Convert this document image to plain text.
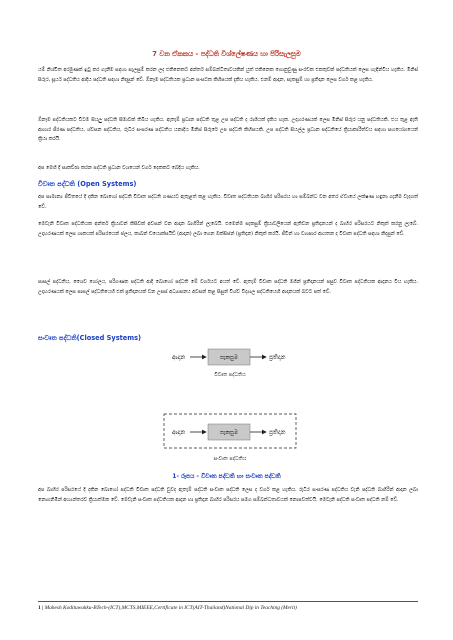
7 වන ඒකකය - පද්ධති විශ්ලේෂණය හා පිරිසැලසුම

යම් නිශ්චිත අරමුණක් ඉටු කර ගැනීම සඳහා සැලසුම් කරන ලද එකිනෙකට අන්තර් සම්බන්ධිතාවයකින් යුත් එකිනෙක ගොනුවුණු සංරචක එකතුවක් පද්ධතියක් ලෙස හැඳින්විය හැකිය. මිනිස් සිරුර, සූර්ය පද්ධතිය ආදිය පද්ධති සඳහා නිදසුන් වේ. ඕනෑම පද්ධතියක ප්‍රධාන සංඝටක කිහිපයක් දැකිය හැකිය. එනම් ආදාන, සැකසුම් හා ප්‍රතිදාන ලෙස වර්ග කළ හැකිය.

ඕනෑම පද්ධතියකට විටම සියලු පද්ධති සීමාවක් තිබිය හැකිය. ඇතැම් ප්‍රධාන පද්ධති තුළ උප පද්ධති ද රාශියක් දැකිය හැක. උදාහරණයක් ලෙස මිනිස් සිරුර යනු පද්ධතියකි. එය තුළ ඇති ආහාර ජීරණ පද්ධතිය, ශ්වසන පද්ධතිය, රුධිර සංසරණ පද්ධතිය යනාදිය මිනිස් සිරුරේ උප පද්ධති කිහිපයකි. උප පද්ධති සියල්ල ප්‍රධාන පද්ධතියේ ක්‍රියාකාරීත්වය සඳහා සහයෝගයෙන් ක්‍රියා කරයි.

අප මෙහි දී සාකච්ඡා කරන පද්ධති ප්‍රධාන වශයෙන් වර්ග දෙකකට බෙදිය හැකිය.

විවෘත පද්ධති (Open Systems)

අප සාමාන්‍ය ජීවිතයේ දී දකින බොහෝ පද්ධති විවෘත පද්ධති ගණයට ඇතුළත් කළ හැකිය. විවෘත පද්ධතියක බාහිර පරිසරය හා සම්බන්ධ වන අතර ඒවායේ ලක්ෂණ හඳුනා ගැනීම වැදගත් වේ.

මෙවැනි විවෘත පද්ධතියක අන්තර් ක්‍රියාවන් කිසිවක් අවසන් වන ආදාන බාහිරින් ලැබෙයි. එමෙන්ම සැකසුම් ක්‍රියාවලියෙන් ඇතිවන ප්‍රතිදානයන් ද බාහිර පරිසරයට නිකුත් කරනු ලැබේ. උදාහරණයක් ලෙස ශාකයක් පරිසරයෙන් ජලය, කාබන් ඩයොක්සයිඩ් (ආදාන) ලබා ගෙන ඔක්සිජන් (ප්‍රතිදාන) නිකුත් කරයි. ජීවීන් හා ව්‍යාපාර ආයතන ද විවෘත පද්ධති සඳහා නිදසුන් වේ.

පාසල් පද්ධතිය, ශෛව ගෝලය, පරිගණක පද්ධති ආදී බොහෝ පද්ධති මේ වර්ගයට අයත් වේ. ඇතැම් විවෘත පද්ධති මගින් ප්‍රතිදානයන් පසුව විවෘත පද්ධතියක ආදානය වීය හැකිය. උදාහරණයක් ලෙස පාසල් පද්ධතියෙහි එක් ප්‍රතිදානයක් වන උසස් අධ්‍යාපනය අවසන් කළ සිසුන් විශ්ව විද්‍යාල පද්ධතියෙහි ආදානයක් බවට පත් වේ.

සංවෘත පද්ධති(Closed Systems)
ආදාන	සැකසුම	ප්‍රතිදාන
විවෘත පද්ධතිය
ආදාන	සැකසුම	ප්‍රතිදාන
සංවෘත පද්ධතිය
1- රූපය - විවෘත පද්ධති හා සංවෘත පද්ධති

අප බාහිර පරිසරයේ දී දකින බොහෝ පද්ධති විවෘත පද්ධති වුවද ඇතැම් පද්ධති සංවෘත පද්ධති ලෙස ද වර්ග කළ හැකිය. රුධිර සංසරණ පද්ධතිය වැනි පද්ධති බාහිරින් ආදාන ලබා නොගනිමින් අභ්‍යන්තරව ක්‍රියාත්මක වේ. මෙවැනි සංවෘත පද්ධතියක ආදාන හා ප්‍රතිදාන බාහිර පරිසරය සමග සම්බන්ධතාවයක් නොපවත්වයි. මෙවැනි පද්ධති සංවෘත පද්ධති නම් වේ.

1 | Mahesh Kodituwakku-BTech-(ICT),MCTS,MIEEE,Certificate in ICT(AIT-Thailand)National Dip in Teaching (Merit)
